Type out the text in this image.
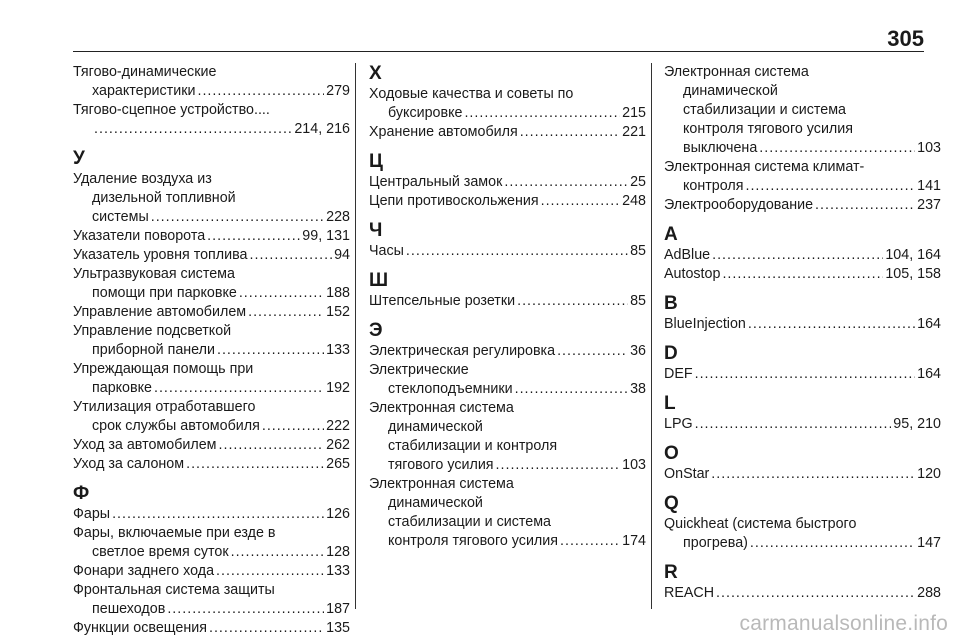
305
Тягово-динамические
характеристики .....	279
Тягово-сцепное устройство....
.....
214, 216
У
Удаление воздуха из
дизельной топливной
системы .....	228
Указатели поворота .....	99, 131
Указатель уровня топлива .....	94
Ультразвуковая система
помощи при парковке .....	188
Управление автомобилем .....	152
Управление подсветкой
приборной панели .....	133
Упреждающая помощь при
парковке .....	192
Утилизация отработавшего
срок службы автомобиля .....	222
Уход за автомобилем .....	262
Уход за салоном .....	265
Ф
Фары .....	126
Фары, включаемые при езде в
светлое время суток .....	128
Фонари заднего хода .....	133
Фронтальная система защиты
пешеходов .....	187
Функции освещения .....	135
Х
Ходовые качества и советы по
буксировке .....	215
Хранение автомобиля .....	221
Ц
Центральный замок .....	25
Цепи противоскольжения .....	248
Ч
Часы .....	85
Ш
Штепсельные розетки .....	85
Э
Электрическая регулировка .....	36
Электрические
стеклоподъемники .....	38
Электронная система
динамической
стабилизации и контроля
тягового усилия .....	103
Электронная система
динамической
стабилизации и система
контроля тягового усилия .....	174
Электронная система
динамической
стабилизации и система
контроля тягового усилия
выключена .....	103
Электронная система климат-
контроля .....	141
Электрооборудование .....	237
A
AdBlue .....	104, 164
Autostop .....	105, 158
B
BlueInjection .....	164
D
DEF .....	164
L
LPG .....	95, 210
O
OnStar .....	120
Q
Quickheat (система быстрого
прогрева) .....	147
R
REACH .....	288
carmanualsonline.info
